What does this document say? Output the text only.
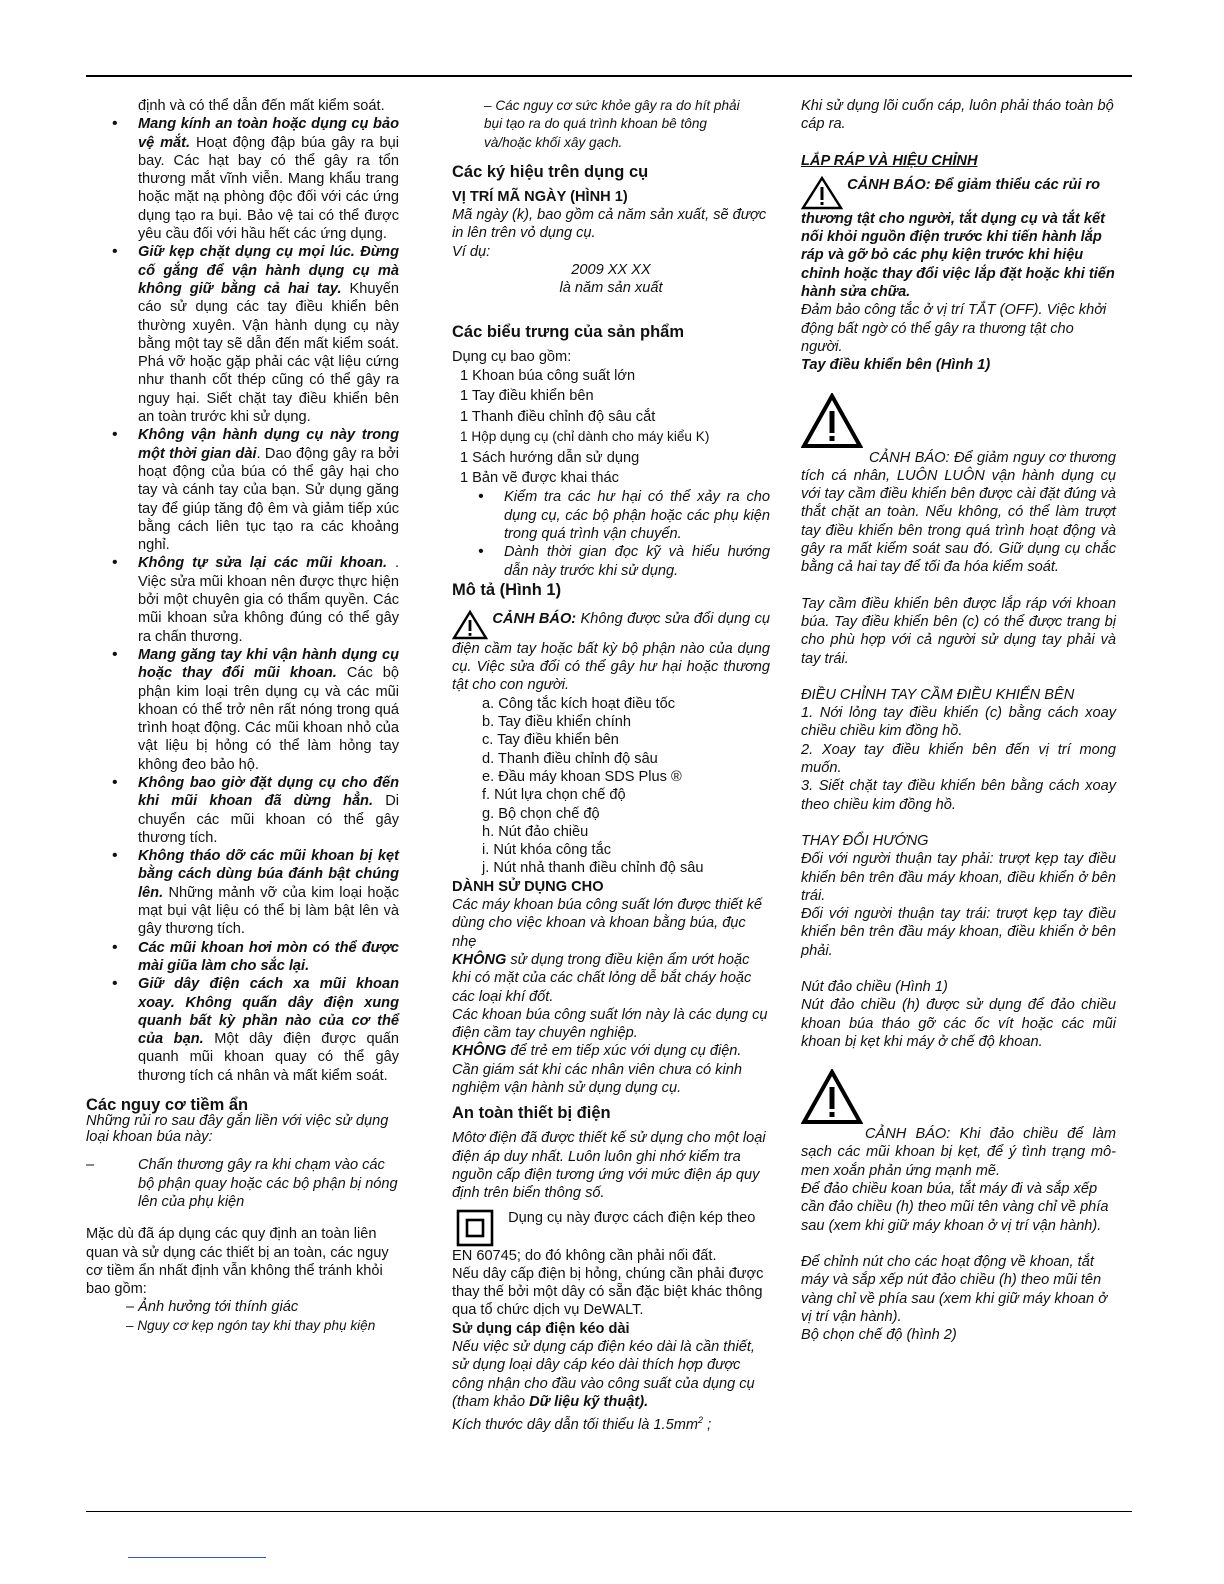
định và có thể dẫn đến mất kiểm soát.

• Mang kính an toàn hoặc dụng cụ bảo vệ mắt. Hoạt động đập búa gây ra bụi bay. Các hạt bay có thể gây ra tổn thương mắt vĩnh viễn. Mang khẩu trang hoặc mặt nạ phòng độc đối với các ứng dụng tạo ra bụi. Bảo vệ tai có thể được yêu cầu đối với hầu hết các ứng dụng.
• Giữ kẹp chặt dụng cụ mọi lúc. Đừng cố gắng để vận hành dụng cụ mà không giữ bằng cả hai tay. Khuyến cáo sử dụng các tay điều khiển bên thường xuyên. Vận hành dụng cụ này bằng một tay sẽ dẫn đến mất kiểm soát. Phá vỡ hoặc gặp phải các vật liệu cứng như thanh cốt thép cũng có thể gây ra nguy hại. Siết chặt tay điều khiển bên an toàn trước khi sử dụng.
• Không vận hành dụng cụ này trong một thời gian dài. Dao động gây ra bởi hoạt động của búa có thể gây hại cho tay và cánh tay của bạn. Sử dụng găng tay để giúp tăng độ êm và giảm tiếp xúc bằng cách liên tục tạo ra các khoảng nghỉ.
• Không tự sửa lại các mũi khoan. . Việc sửa mũi khoan nên được thực hiện bởi một chuyên gia có thẩm quyền. Các mũi khoan sửa không đúng có thể gây ra chấn thương.
• Mang găng tay khi vận hành dụng cụ hoặc thay đổi mũi khoan. Các bộ phận kim loại trên dụng cụ và các mũi khoan có thể trở nên rất nóng trong quá trình hoạt động. Các mũi khoan nhỏ của vật liệu bị hỏng có thể làm hỏng tay không đeo bảo hộ.
• Không bao giờ đặt dụng cụ cho đến khi mũi khoan đã dừng hẳn. Di chuyển các mũi khoan có thể gây thương tích.
• Không tháo dỡ các mũi khoan bị kẹt bằng cách dùng búa đánh bật chúng lên. Những mảnh vỡ của kim loại hoặc mạt bụi vật liệu có thể bị làm bật lên và gây thương tích.
• Các mũi khoan hơi mòn có thể được mài giũa làm cho sắc lại.
• Giữ dây điện cách xa mũi khoan xoay. Không quấn dây điện xung quanh bất kỳ phần nào của cơ thể của bạn. Một dây điện được quấn quanh mũi khoan quay có thể gây thương tích cá nhân và mất kiểm soát.
Các nguy cơ tiềm ẩn

Những rủi ro sau đây gắn liền với việc sử dụng

loại khoan búa này:

–	Chấn thương gây ra khi chạm vào các bộ phận quay hoặc các bộ phận bị nóng lên của phụ kiện

Mặc dù đã áp dụng các quy định an toàn liên quan và sử dụng các thiết bị an toàn, các nguy cơ tiềm ẩn nhất định vẫn không thể tránh khỏi bao gồm:

– Ảnh hưởng tới thính giác

– Nguy cơ kẹp ngón tay khi thay phụ kiện

– Các nguy cơ sức khỏe gây ra do hít phải bụi tạo ra do quá trình khoan bê tông và/hoặc khối xây gạch.

Các ký hiệu trên dụng cụ

VỊ TRÍ MÃ NGÀY (HÌNH 1)

Mã ngày (k), bao gồm cả năm sản xuất, sẽ được in lên trên vỏ dụng cụ.

Ví dụ:

2009 XX XX

là năm sản xuất

Các biểu trưng của sản phẩm

Dụng cụ bao gồm:

1 Khoan búa công suất lớn

1 Tay điều khiển bên

1 Thanh điều chỉnh độ sâu cắt

1 Hộp dụng cụ (chỉ dành cho máy kiểu K)

1 Sách hướng dẫn sử dụng

1 Bản vẽ được khai thác

• Kiểm tra các hư hại có thể xảy ra cho dụng cụ, các bộ phận hoặc các phụ kiện trong quá trình vận chuyển.

• Dành thời gian đọc kỹ và hiểu hướng dẫn này trước khi sử dụng.

Mô tả (Hình 1)
CẢNH BÁO: Không được sửa đổi dụng cụ điện cầm tay hoặc bất kỳ bộ phận nào của dụng cụ. Việc sửa đổi có thể gây hư hại hoặc thương tật cho con người.

a. Công tắc kích hoạt điều tốc

b. Tay điều khiển chính

c. Tay điều khiển bên

d. Thanh điều chỉnh độ sâu

e. Đầu máy khoan SDS Plus ®

f. Nút lựa chọn chế độ

g. Bộ chọn chế độ

h. Nút đảo chiều

i. Nút khóa công tắc

j. Nút nhả thanh điều chỉnh độ sâu

DÀNH SỬ DỤNG CHO

Các máy khoan búa công suất lớn được thiết kế dùng cho việc khoan và khoan bằng búa, đục nhẹ

KHÔNG sử dụng trong điều kiện ẩm ướt hoặc khi có mặt của các chất lỏng dễ bắt cháy hoặc các loại khí đốt.

Các khoan búa công suất lớn này là các dụng cụ điện cầm tay chuyên nghiệp.

KHÔNG để trẻ em tiếp xúc với dụng cụ điện. Cần giám sát khi các nhân viên chưa có kinh nghiệm vận hành sử dụng dụng cụ.

An toàn thiết bị điện

Môtơ điện đã được thiết kế sử dụng cho một loại điện áp duy nhất. Luôn luôn ghi nhớ kiểm tra nguồn cấp điện tương ứng với mức điện áp quy định trên biển thông số.

Dụng cụ này được cách điện kép theo EN 60745; do đó không cần phải nối đất.

Nếu dây cấp điện bị hỏng, chúng cần phải được thay thế bởi một dây có sẵn đặc biệt khác thông qua tổ chức dịch vụ DeWALT.

Sử dụng cáp điện kéo dài

Nếu việc sử dụng cáp điện kéo dài là cần thiết, sử dụng loại dây cáp kéo dài thích hợp được công nhận cho đầu vào công suất của dụng cụ (tham khảo Dữ liệu kỹ thuật).

Kích thước dây dẫn tối thiểu là $1.5mm^2$ ;

Khi sử dụng lõi cuốn cáp, luôn phải tháo toàn bộ cáp ra.

LẮP RÁP VÀ HIỆU CHỈNH

CẢNH BÁO: Để giảm thiểu các rủi ro thương tật cho người, tắt dụng cụ và tắt kết nối khỏi nguồn điện trước khi tiến hành lắp ráp và gỡ bỏ các phụ kiện trước khi hiệu chỉnh hoặc thay đổi việc lắp đặt hoặc khi tiến hành sửa chữa.

Đảm bảo công tắc ở vị trí TẮT (OFF). Việc khởi động bất ngờ có thể gây ra thương tật cho người.

Tay điều khiển bên (Hình 1)

CẢNH BÁO: Để giảm nguy cơ thương tích cá nhân, LUÔN LUÔN vận hành dụng cụ với tay cầm điều khiển bên được cài đặt đúng và thắt chặt an toàn. Nếu không, có thể làm trượt tay điều khiển bên trong quá trình hoạt động và gây ra mất kiểm soát sau đó. Giữ dụng cụ chắc bằng cả hai tay để tối đa hóa kiểm soát.

Tay cầm điều khiển bên được lắp ráp với khoan búa. Tay điều khiển bên (c) có thể được trang bị cho phù hợp với cả người sử dụng tay phải và tay trái.

ĐIỀU CHỈNH TAY CẦM ĐIỀU KHIỂN BÊN

1. Nới lỏng tay điều khiển (c) bằng cách xoay chiều chiều kim đồng hồ.

2. Xoay tay điều khiển bên đến vị trí mong muốn.

3. Siết chặt tay điều khiển bên bằng cách xoay theo chiều kim đồng hồ.

THAY ĐỔI HƯỚNG

Đối với người thuận tay phải: trượt kẹp tay điều khiển bên trên đầu máy khoan, điều khiển ở bên trái.

Đối với người thuận tay trái: trượt kẹp tay điều khiển bên trên đầu máy khoan, điều khiển ở bên phải.

Nút đảo chiều (Hình 1)

Nút đảo chiều (h) được sử dụng để đảo chiều khoan búa tháo gỡ các ốc vít hoặc các mũi khoan bị kẹt khi máy ở chế độ khoan.

CẢNH BÁO: Khi đảo chiều để làm sạch các mũi khoan bị kẹt, để ý tình trạng mô-men xoắn phản ứng mạnh mẽ.

Để đảo chiều koan búa, tắt máy đi và sắp xếp cần đảo chiều (h) theo mũi tên vàng chỉ về phía sau (xem khi giữ máy khoan ở vị trí vận hành).

Để chỉnh nút cho các hoạt động về khoan, tắt máy và sắp xếp nút đảo chiều (h) theo mũi tên vàng chỉ về phía sau (xem khi giữ máy khoan ở vị trí vận hành).

Bộ chọn chế độ (hình 2)
